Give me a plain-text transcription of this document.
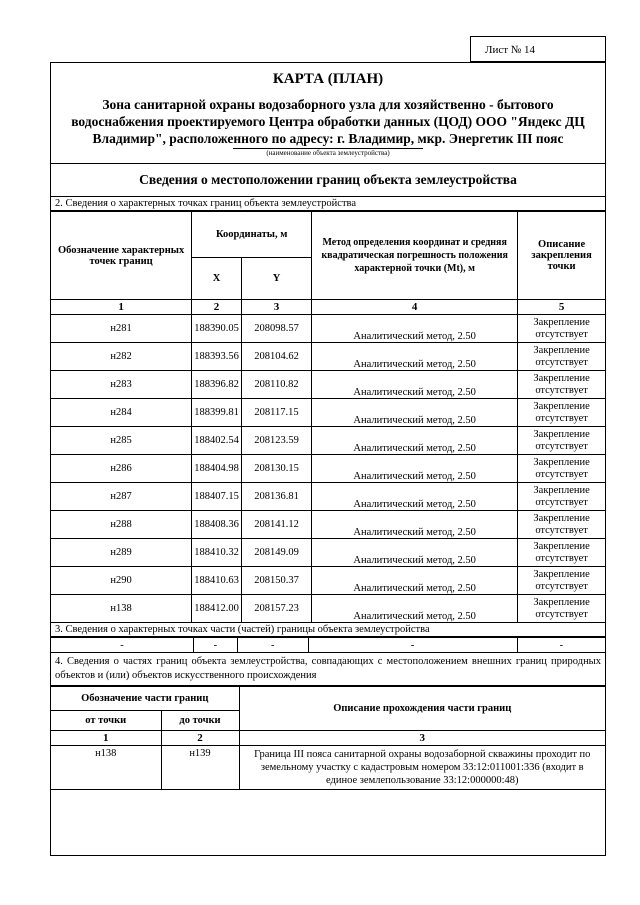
Лист № 14
КАРТА (ПЛАН)
Зона санитарной охраны водозаборного узла для хозяйственно - бытового водоснабжения проектируемого Центра обработки данных (ЦОД) ООО "Яндекс ДЦ Владимир", расположенного по адресу: г. Владимир, мкр. Энергетик III пояс
(наименование объекта землеустройства)
Сведения о местоположении границ объекта землеустройства
2. Сведения о характерных точках границ объекта землеустройства
Обозначение характерных точек границ	Координаты, м		Метод определения координат и средняя квадратическая погрешность положения характерной точки (Mt), м	Описание закрепления точки
	X	Y		
1	2	3	4	5
н281	188390.05	208098.57	Аналитический метод, 2.50	Закрепление отсутствует
н282	188393.56	208104.62	Аналитический метод, 2.50	Закрепление отсутствует
н283	188396.82	208110.82	Аналитический метод, 2.50	Закрепление отсутствует
н284	188399.81	208117.15	Аналитический метод, 2.50	Закрепление отсутствует
н285	188402.54	208123.59	Аналитический метод, 2.50	Закрепление отсутствует
н286	188404.98	208130.15	Аналитический метод, 2.50	Закрепление отсутствует
н287	188407.15	208136.81	Аналитический метод, 2.50	Закрепление отсутствует
н288	188408.36	208141.12	Аналитический метод, 2.50	Закрепление отсутствует
н289	188410.32	208149.09	Аналитический метод, 2.50	Закрепление отсутствует
н290	188410.63	208150.37	Аналитический метод, 2.50	Закрепление отсутствует
н138	188412.00	208157.23	Аналитический метод, 2.50	Закрепление отсутствует
3. Сведения о характерных точках части (частей) границы объекта землеустройства
-	-	-	-	-
4. Сведения о частях границ объекта землеустройства, совпадающих с местоположением внешних границ природных объектов и (или) объектов искусственного происхождения
Обозначение части границ		Описание прохождения части границ
от точки	до точки	
1	2	3
н138	н139	Граница III пояса санитарной охраны водозаборной скважины проходит по земельному участку с кадастровым номером 33:12:011001:336 (входит в единое землепользование 33:12:000000:48)
